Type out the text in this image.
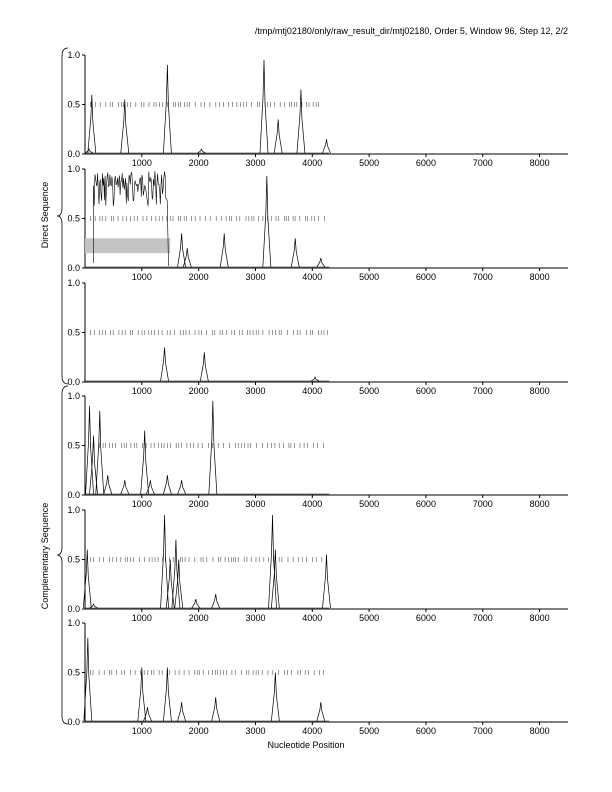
/tmp/mtj02180/only/raw_result_dir/mtj02180, Order 5, Window 96, Step 12, 2/2
Direct Sequence
Complementary Sequence
0.0
0.5
1.0
1000	2000	3000	4000	5000	6000	7000	8000
0.0
0.5
1.0
1000	2000	3000	4000	5000	6000	7000	8000
0.0
0.5
1.0
1000	2000	3000	4000	5000	6000	7000	8000
0.0
0.5
1.0
1000	2000	3000	4000	5000	6000	7000	8000
0.0
0.5
1.0
1000	2000	3000	4000	5000	6000	7000	8000
0.0
0.5
1.0
1000	2000	3000	4000	5000	6000	7000	8000
Nucleotide Position
